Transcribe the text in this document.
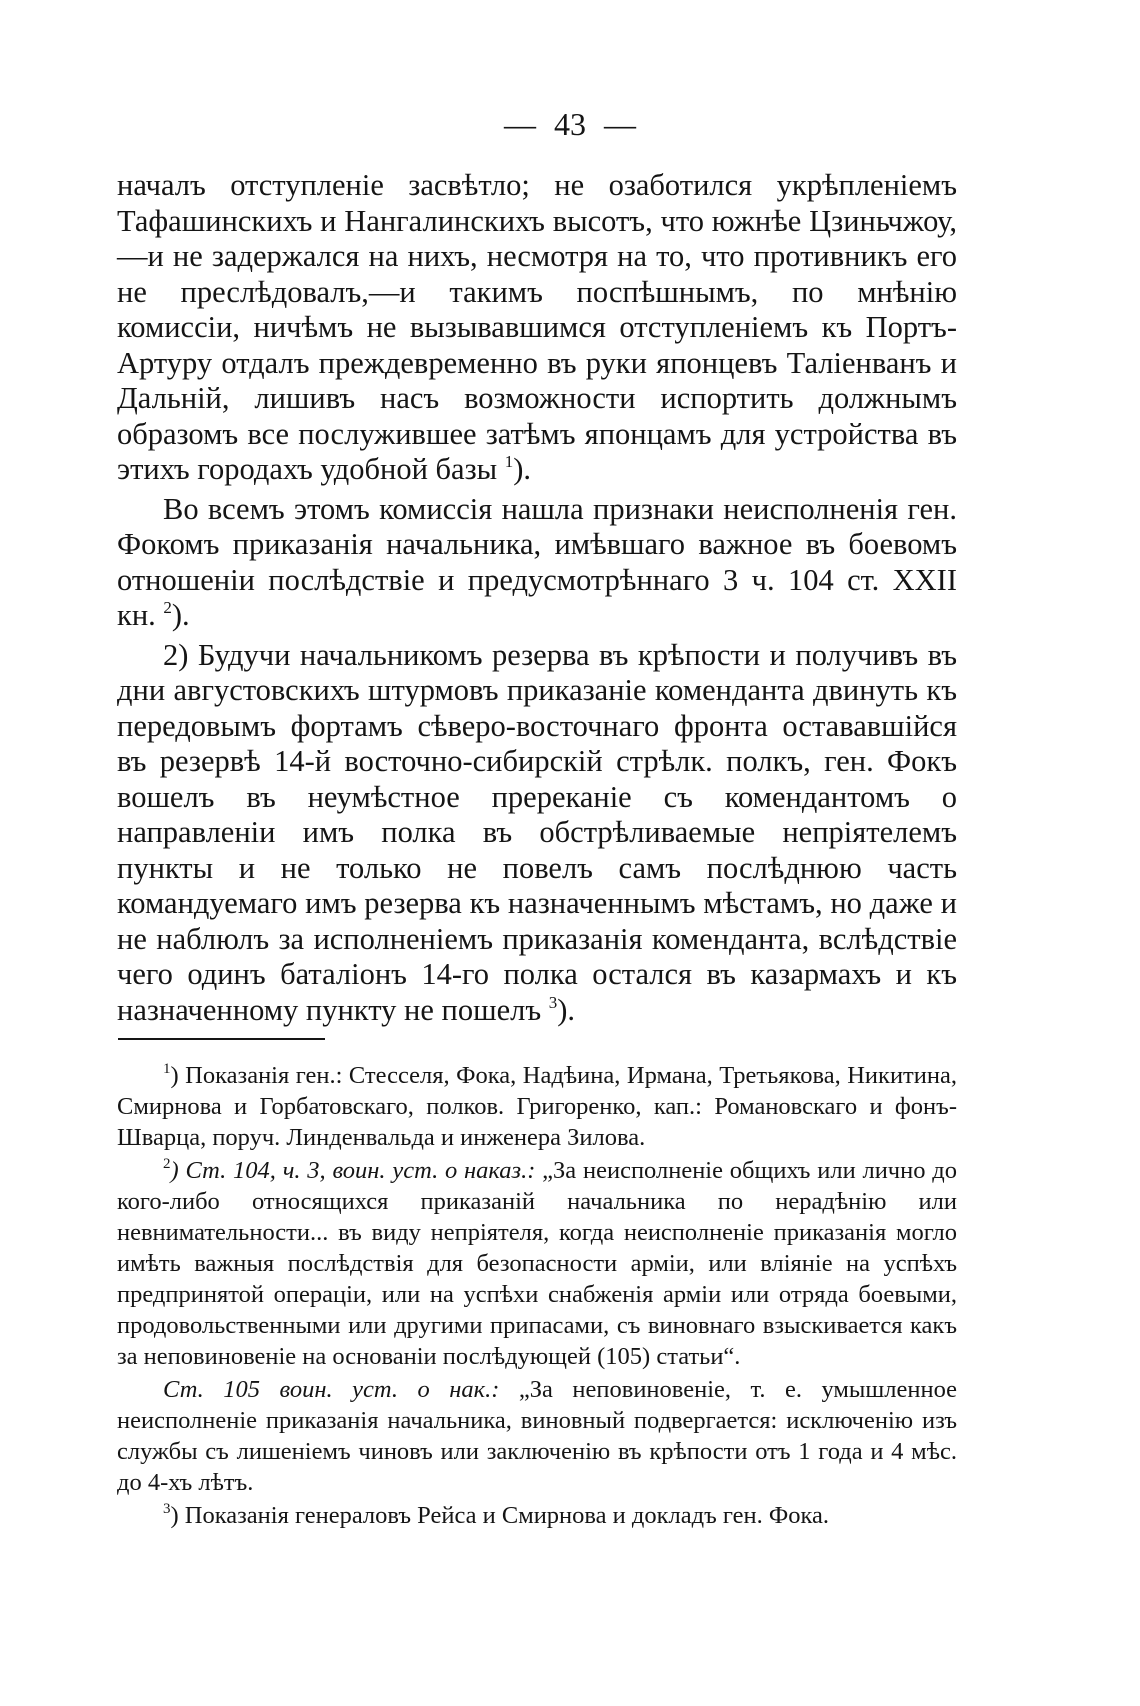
— 43 —

началъ отступленіе засвѣтло; не озаботился укрѣпленіемъ Тафашинскихъ и Нангалинскихъ высотъ, что южнѣе Цзиньчжоу,—и не задержался на нихъ, несмотря на то, что противникъ его не преслѣдовалъ,—и такимъ поспѣшнымъ, по мнѣнію комиссіи, ничѣмъ не вызывавшимся отступленіемъ къ Портъ-Артуру отдалъ преждевременно въ руки японцевъ Таліенванъ и Дальній, лишивъ насъ возможности испортить должнымъ образомъ все послужившее затѣмъ японцамъ для устройства въ этихъ городахъ удобной базы $^1$).

Во всемъ этомъ комиссія нашла признаки неисполненія ген. Фокомъ приказанія начальника, имѣвшаго важное въ боевомъ отношеніи послѣдствіе и предусмотрѣннаго 3 ч. 104 ст. XXII кн. $^2$).

2) Будучи начальникомъ резерва въ крѣпости и получивъ въ дни августовскихъ штурмовъ приказаніе коменданта двинуть къ передовымъ фортамъ сѣверо-восточнаго фронта остававшійся въ резервѣ 14-й восточно-сибирскій стрѣлк. полкъ, ген. Фокъ вошелъ въ неумѣстное пререканіе съ комендантомъ о направленіи имъ полка въ обстрѣливаемые непріятелемъ пункты и не только не повелъ самъ послѣднюю часть командуемаго имъ резерва къ назначеннымъ мѣстамъ, но даже и не наблюлъ за исполненіемъ приказанія коменданта, вслѣдствіе чего одинъ баталіонъ 14-го полка остался въ казармахъ и къ назначенному пункту не пошелъ $^3$).

$^1$) Показанія ген.: Стесселя, Фока, Надѣина, Ирмана, Третьякова, Никитина, Смирнова и Горбатовскаго, полков. Григоренко, кап.: Романовскаго и фонъ-Шварца, поруч. Линденвальда и инженера Зилова.

$^2$) Ст. 104, ч. 3, воин. уст. о наказ.: „За неисполненіе общихъ или лично до кого-либо относящихся приказаній начальника по нерадѣнію или невнимательности... въ виду непріятеля, когда неисполненіе приказанія могло имѣть важныя послѣдствія для безопасности арміи, или вліяніе на успѣхъ предпринятой операціи, или на успѣхи снабженія арміи или отряда боевыми, продовольственными или другими припасами, съ виновнаго взыскивается какъ за неповиновеніе на основаніи послѣдующей (105) статьи“.

Ст. 105 воин. уст. о нак.: „За неповиновеніе, т. е. умышленное неисполненіе приказанія начальника, виновный подвергается: исключенію изъ службы съ лишеніемъ чиновъ или заключенію въ крѣпости отъ 1 года и 4 мѣс. до 4-хъ лѣтъ.

$^3$) Показанія генераловъ Рейса и Смирнова и докладъ ген. Фока.
